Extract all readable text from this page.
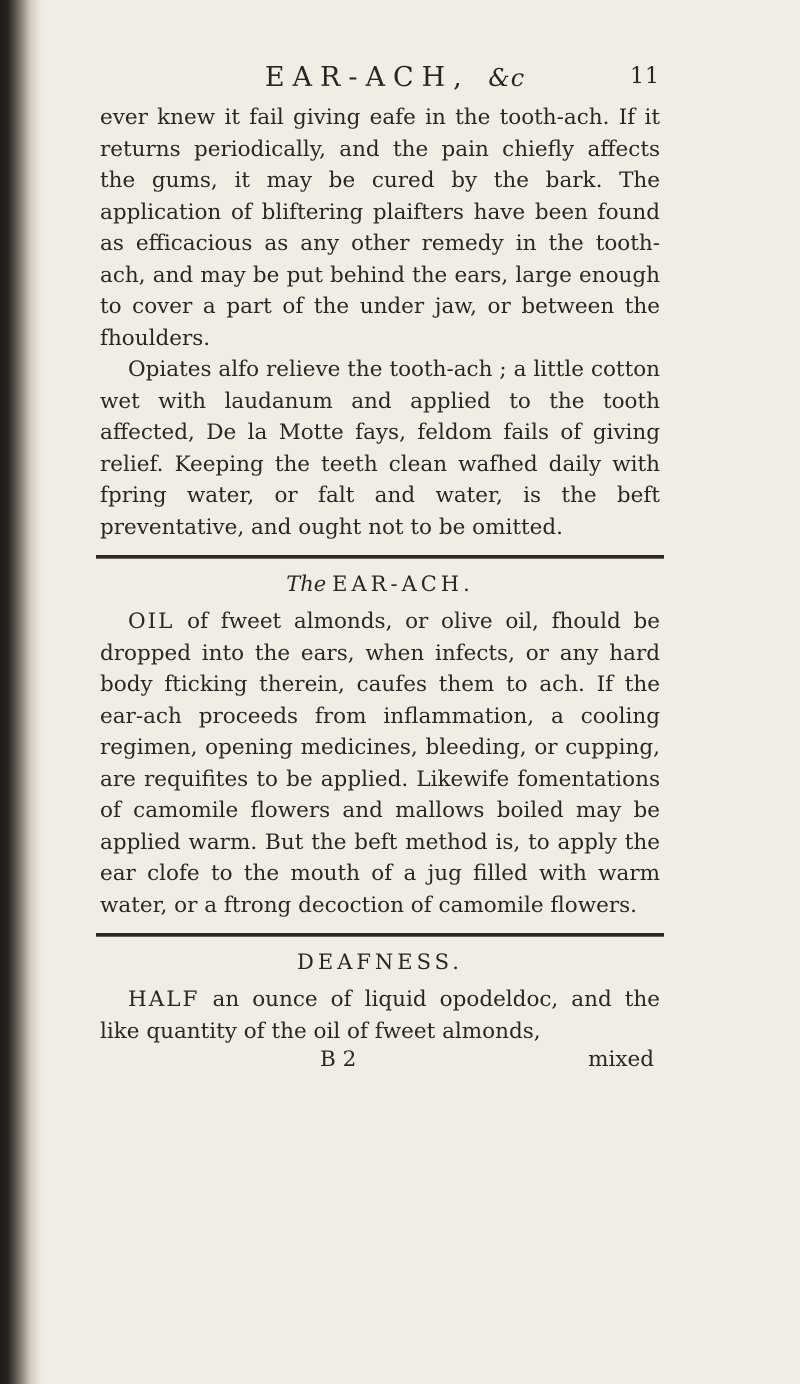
EAR-ACH, &c	11

ever knew it fail giving eafe in the tooth-ach. If it returns periodically, and the pain chiefly affects the gums, it may be cured by the bark. The application of bliftering plaifters have been found as efficacious as any other remedy in the tooth-ach, and may be put behind the ears, large enough to cover a part of the under jaw, or between the fhoulders.

Opiates alfo relieve the tooth-ach ; a little cotton wet with laudanum and applied to the tooth affected, De la Motte fays, feldom fails of giving relief. Keeping the teeth clean wafhed daily with fpring water, or falt and water, is the beft preventative, and ought not to be omitted.

The EAR-ACH.

OIL of fweet almonds, or olive oil, fhould be dropped into the ears, when infects, or any hard body fticking therein, caufes them to ach. If the ear-ach proceeds from inflammation, a cooling regimen, opening medicines, bleeding, or cupping, are requifites to be applied. Likewife fomentations of camomile flowers and mallows boiled may be applied warm. But the beft method is, to apply the ear clofe to the mouth of a jug filled with warm water, or a ftrong decoction of camomile flowers.

DEAFNESS.

HALF an ounce of liquid opodeldoc, and the like quantity of the oil of fweet almonds,

B 2	mixed
